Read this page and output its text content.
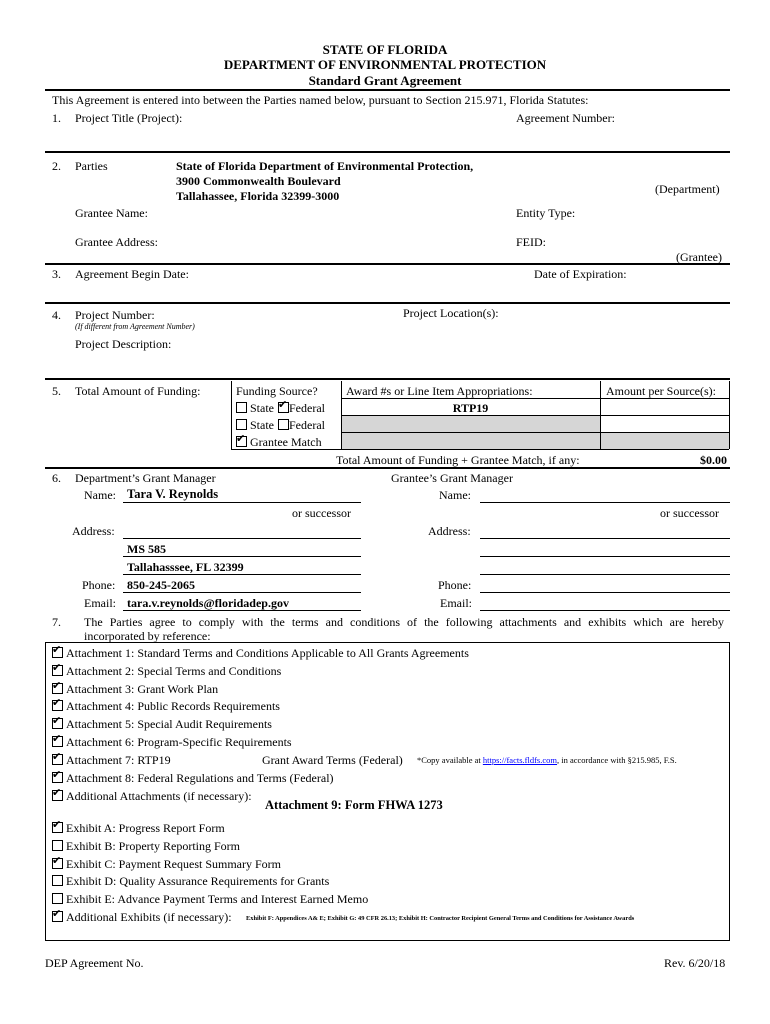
STATE OF FLORIDA
DEPARTMENT OF ENVIRONMENTAL PROTECTION
Standard Grant Agreement
This Agreement is entered into between the Parties named below, pursuant to Section 215.971, Florida Statutes:
1. Project Title (Project):	Agreement Number:
2. Parties	State of Florida Department of Environmental Protection,
3900 Commonwealth Boulevard
Tallahassee, Florida 32399-3000	(Department)
Grantee Name:	Entity Type:
Grantee Address:	FEID:
(Grantee)
3. Agreement Begin Date:	Date of Expiration:
4. Project Number:	Project Location(s):
(If different from Agreement Number)
Project Description:
5. Total Amount of Funding:	Funding Source? Award #s or Line Item Appropriations:	Amount per Source(s):
State ✔ Federal	RTP19
State Federal
✔Grantee Match
Total Amount of Funding + Grantee Match, if any:	$0.00
6. Department’s Grant Manager	Grantee’s Grant Manager
Name: Tara V. Reynolds	Name:
or successor	or successor
Address:	Address:
MS 585
Tallahasssee, FL 32399
Phone: 850-245-2065	Phone:
Email: tara.v.reynolds@floridadep.gov	Email:
7. The Parties agree to comply with the terms and conditions of the following attachments and exhibits which are hereby
incorporated by reference:
✔Attachment 1: Standard Terms and Conditions Applicable to All Grants Agreements
✔Attachment 2: Special Terms and Conditions
✔Attachment 3: Grant Work Plan
✔Attachment 4: Public Records Requirements
✔Attachment 5: Special Audit Requirements
✔Attachment 6: Program-Specific Requirements
✔Attachment 7: RTP19
✔Attachment 8: Federal Regulations and Terms (Federal)
Grant Award Terms (Federal) *Copy available at https://facts.fldfs.com, in accordance with §215.985, F.S.
✔Additional Attachments (if necessary):
Attachment 9: Form FHWA 1273
✔Exhibit A: Progress Report Form
Exhibit B: Property Reporting Form
✔Exhibit C: Payment Request Summary Form
Exhibit D: Quality Assurance Requirements for Grants
Exhibit E: Advance Payment Terms and Interest Earned Memo
✔Additional Exhibits (if necessary): Exhibit F: Appendices A& E; Exhibit G: 49 CFR 26.13; Exhibit H: Contractor Recipient General Terms and Conditions for Assistance Awards
DEP Agreement No.	Rev. 6/20/18
